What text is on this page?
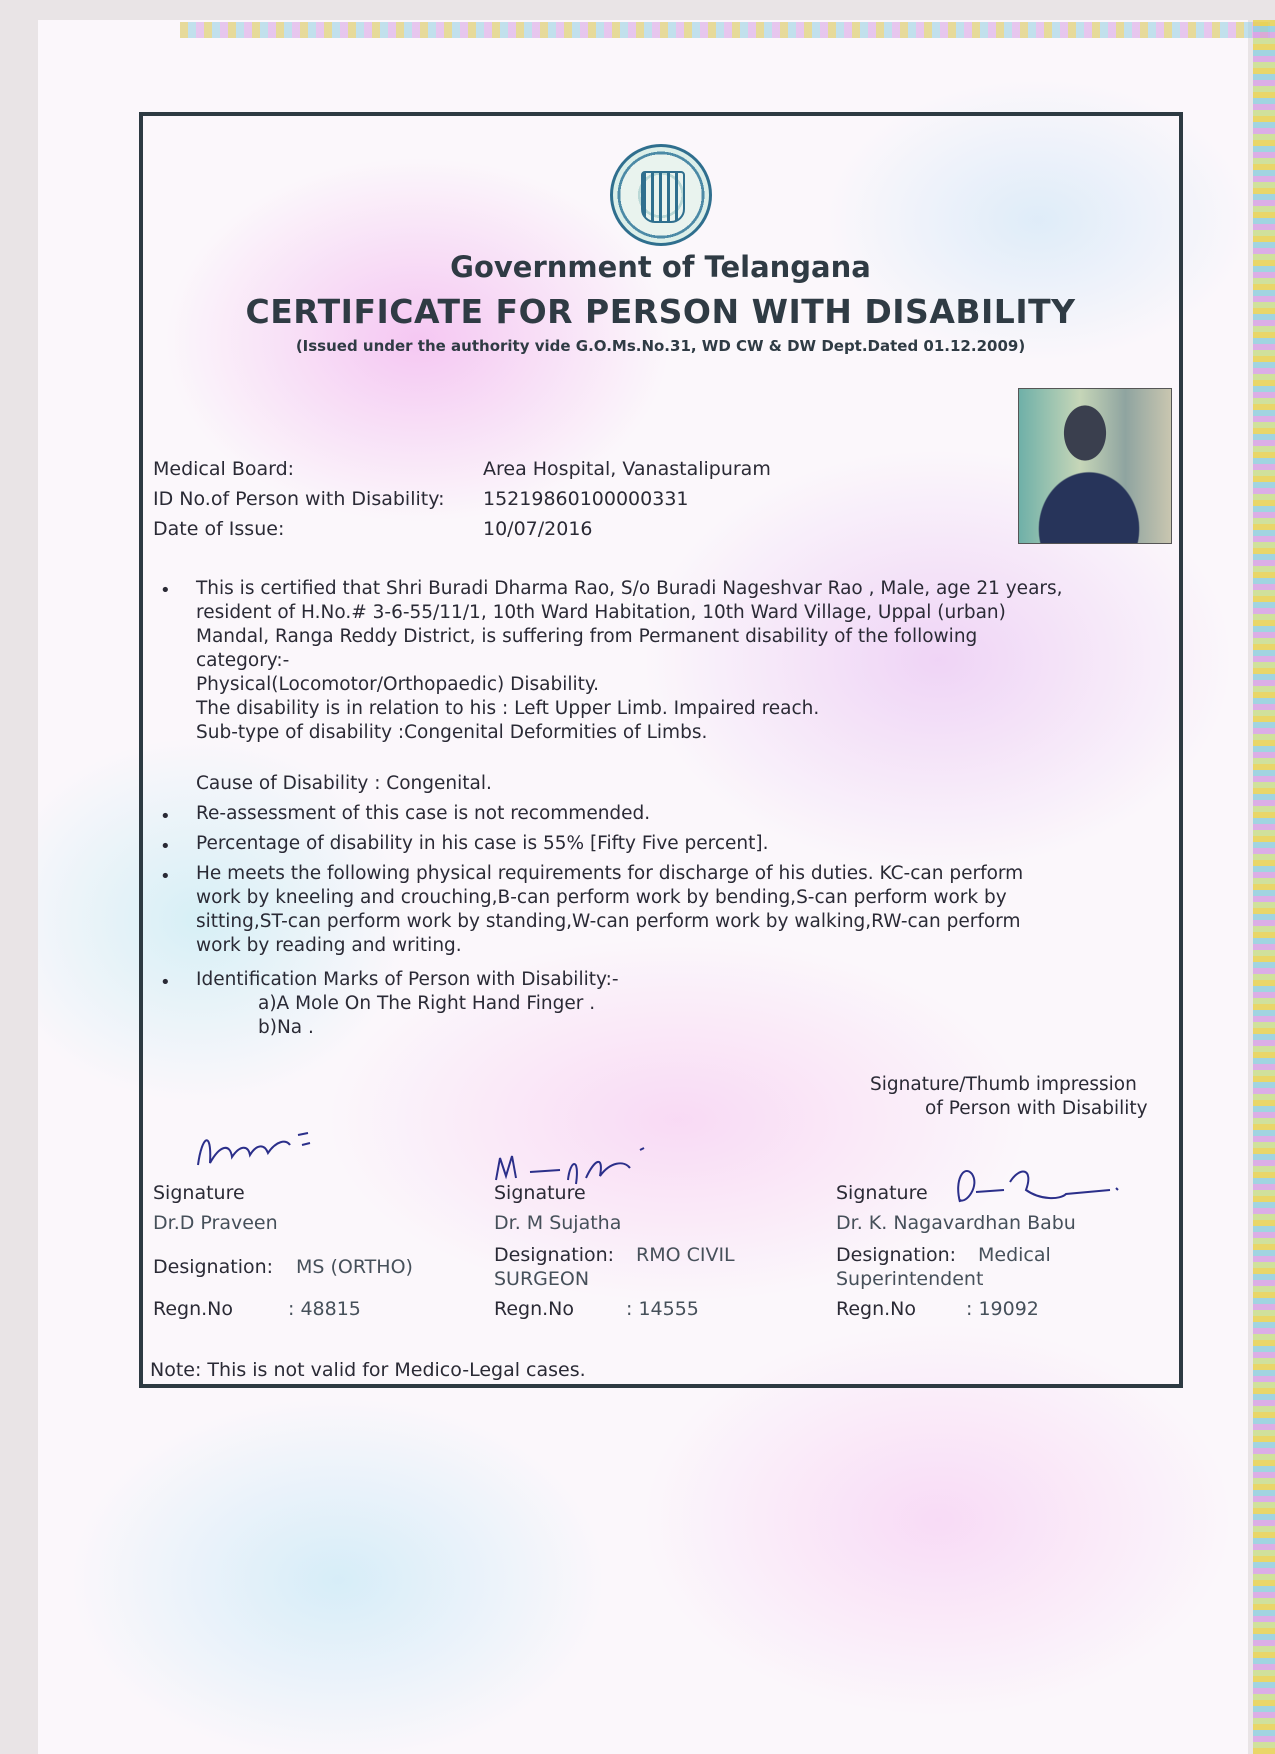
Government of Telangana

CERTIFICATE FOR PERSON WITH DISABILITY

(Issued under the authority vide G.O.Ms.No.31, WD CW & DW Dept.Dated 01.12.2009)

Medical Board:	Area Hospital, Vanastalipuram

ID No.of Person with Disability: 15219860100000331

Date of Issue:	10/07/2016

• This is certified that Shri Buradi Dharma Rao, S/o Buradi Nageshvar Rao , Male, age 21 years,
resident of H.No.# 3-6-55/11/1, 10th Ward Habitation, 10th Ward Village, Uppal (urban)
Mandal, Ranga Reddy District, is suffering from Permanent disability of the following
category:-
Physical(Locomotor/Orthopaedic) Disability.
The disability is in relation to his : Left Upper Limb. Impaired reach.
Sub-type of disability :Congenital Deformities of Limbs.

Cause of Disability : Congenital.

• Re-assessment of this case is not recommended.

• Percentage of disability in his case is 55% [Fifty Five percent].

• He meets the following physical requirements for discharge of his duties. KC-can perform
work by kneeling and crouching,B-can perform work by bending,S-can perform work by
sitting,ST-can perform work by standing,W-can perform work by walking,RW-can perform
work by reading and writing.
• Identification Marks of Person with Disability:-

a)A Mole On The Right Hand Finger .

b)Na .

Signature/Thumb impression

of Person with Disability

Signature

Dr.D Praveen

Designation: MS (ORTHO)

Regn.No	: 48815

Signature

Dr. M Sujatha

Designation: RMO CIVIL

SURGEON

Regn.No	: 14555

Signature

Dr. K. Nagavardhan Babu

Designation: Medical

Superintendent

Regn.No	: 19092

Note: This is not valid for Medico-Legal cases.
